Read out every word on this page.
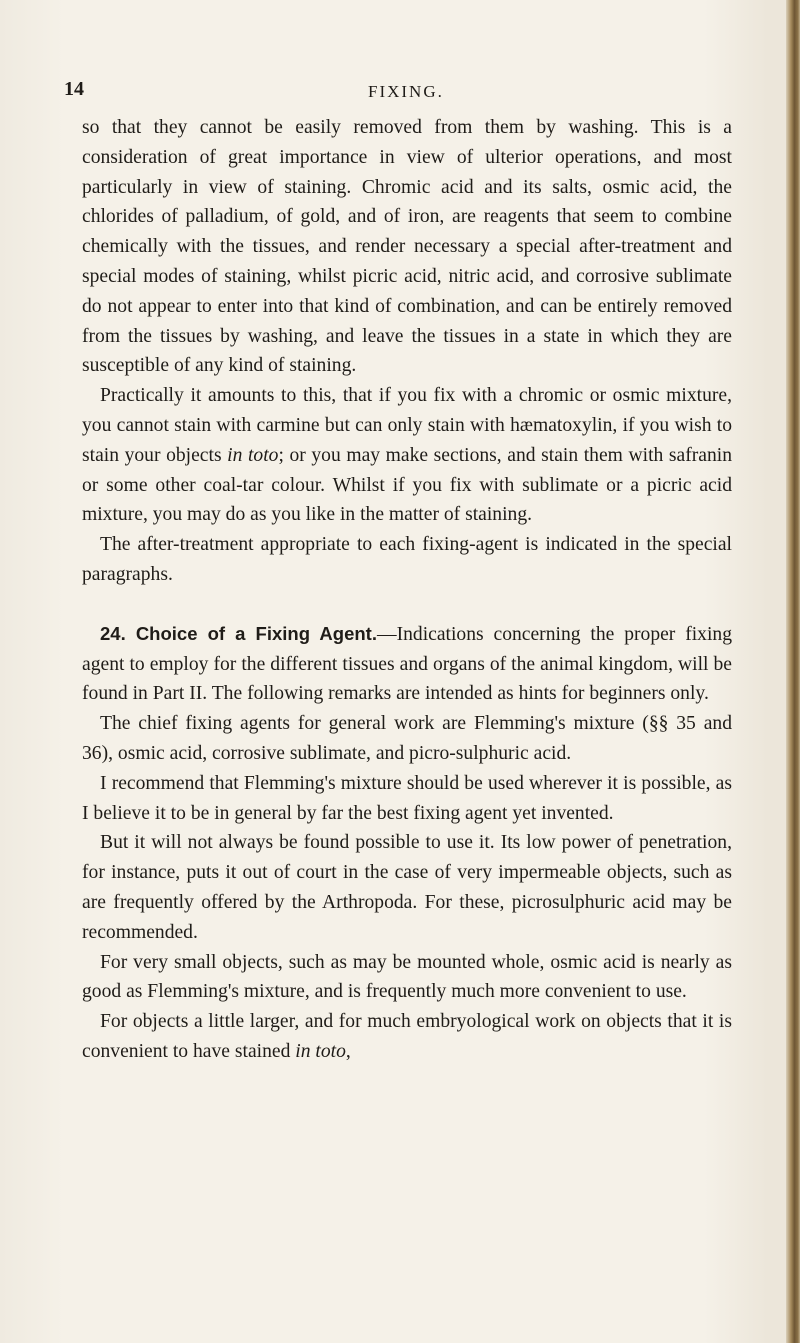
14	FIXING.

so that they cannot be easily removed from them by washing. This is a consideration of great importance in view of ulterior operations, and most particularly in view of staining. Chromic acid and its salts, osmic acid, the chlorides of palladium, of gold, and of iron, are reagents that seem to combine chemically with the tissues, and render necessary a special after-treatment and special modes of staining, whilst picric acid, nitric acid, and corrosive sublimate do not appear to enter into that kind of combination, and can be entirely removed from the tissues by washing, and leave the tissues in a state in which they are susceptible of any kind of staining.

Practically it amounts to this, that if you fix with a chromic or osmic mixture, you cannot stain with carmine but can only stain with hæmatoxylin, if you wish to stain your objects in toto; or you may make sections, and stain them with safranin or some other coal-tar colour. Whilst if you fix with sublimate or a picric acid mixture, you may do as you like in the matter of staining.

The after-treatment appropriate to each fixing-agent is indicated in the special paragraphs.

24. Choice of a Fixing Agent.—Indications concerning the proper fixing agent to employ for the different tissues and organs of the animal kingdom, will be found in Part II. The following remarks are intended as hints for beginners only.

The chief fixing agents for general work are Flemming's mixture (§§ 35 and 36), osmic acid, corrosive sublimate, and picro-sulphuric acid.

I recommend that Flemming's mixture should be used wherever it is possible, as I believe it to be in general by far the best fixing agent yet invented.

But it will not always be found possible to use it. Its low power of penetration, for instance, puts it out of court in the case of very impermeable objects, such as are frequently offered by the Arthropoda. For these, picrosulphuric acid may be recommended.

For very small objects, such as may be mounted whole, osmic acid is nearly as good as Flemming's mixture, and is frequently much more convenient to use.

For objects a little larger, and for much embryological work on objects that it is convenient to have stained in toto,
